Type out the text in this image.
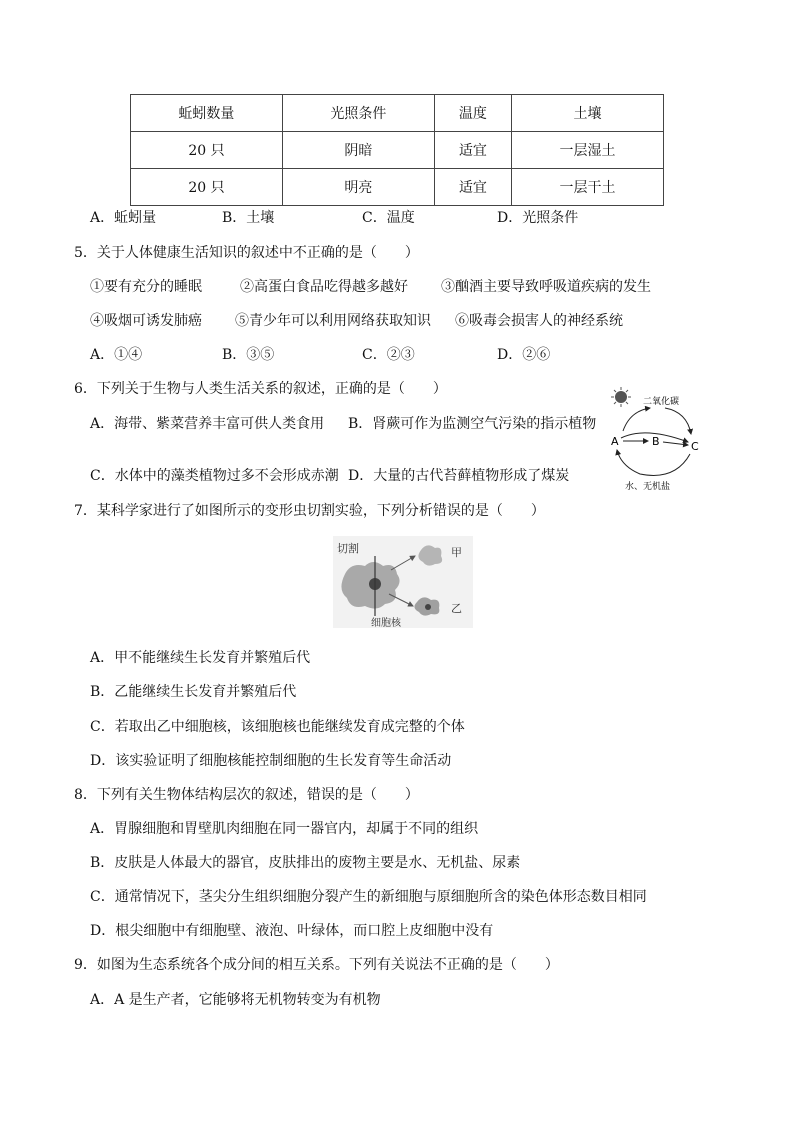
蚯蚓数量	光照条件	温度	土壤
20 只	阴暗	适宜	一层湿土
20 只	明亮	适宜	一层干土
A．蚯蚓量	B．土壤	C．温度	D．光照条件
5．关于人体健康生活知识的叙述中不正确的是（　　）
①要有充分的睡眠	②高蛋白食品吃得越多越好 ③酗酒主要导致呼吸道疾病的发生
④吸烟可诱发肺癌 ⑤青少年可以利用网络获取知识 ⑥吸毒会损害人的神经系统
A．①④	B．③⑤	C．②③	D．②⑥
6．下列关于生物与人类生活关系的叙述，正确的是（　　）
A．海带、紫菜营养丰富可供人类食用 B．肾蕨可作为监测空气污染的指示植物
C．水体中的藻类植物过多不会形成赤潮 D．大量的古代苔藓植物形成了煤炭
二氧化碳
A	B	C
水、无机盐
7．某科学家进行了如图所示的变形虫切割实验，下列分析错误的是（　　）
切割	甲
乙
细胞核
A．甲不能继续生长发育并繁殖后代
B．乙能继续生长发育并繁殖后代
C．若取出乙中细胞核，该细胞核也能继续发育成完整的个体
D．该实验证明了细胞核能控制细胞的生长发育等生命活动
8．下列有关生物体结构层次的叙述，错误的是（　　）
A．胃腺细胞和胃壁肌肉细胞在同一器官内，却属于不同的组织
B．皮肤是人体最大的器官，皮肤排出的废物主要是水、无机盐、尿素
C．通常情况下，茎尖分生组织细胞分裂产生的新细胞与原细胞所含的染色体形态数目相同
D．根尖细胞中有细胞壁、液泡、叶绿体，而口腔上皮细胞中没有
9．如图为生态系统各个成分间的相互关系。下列有关说法不正确的是（　　）
A．A 是生产者，它能够将无机物转变为有机物
